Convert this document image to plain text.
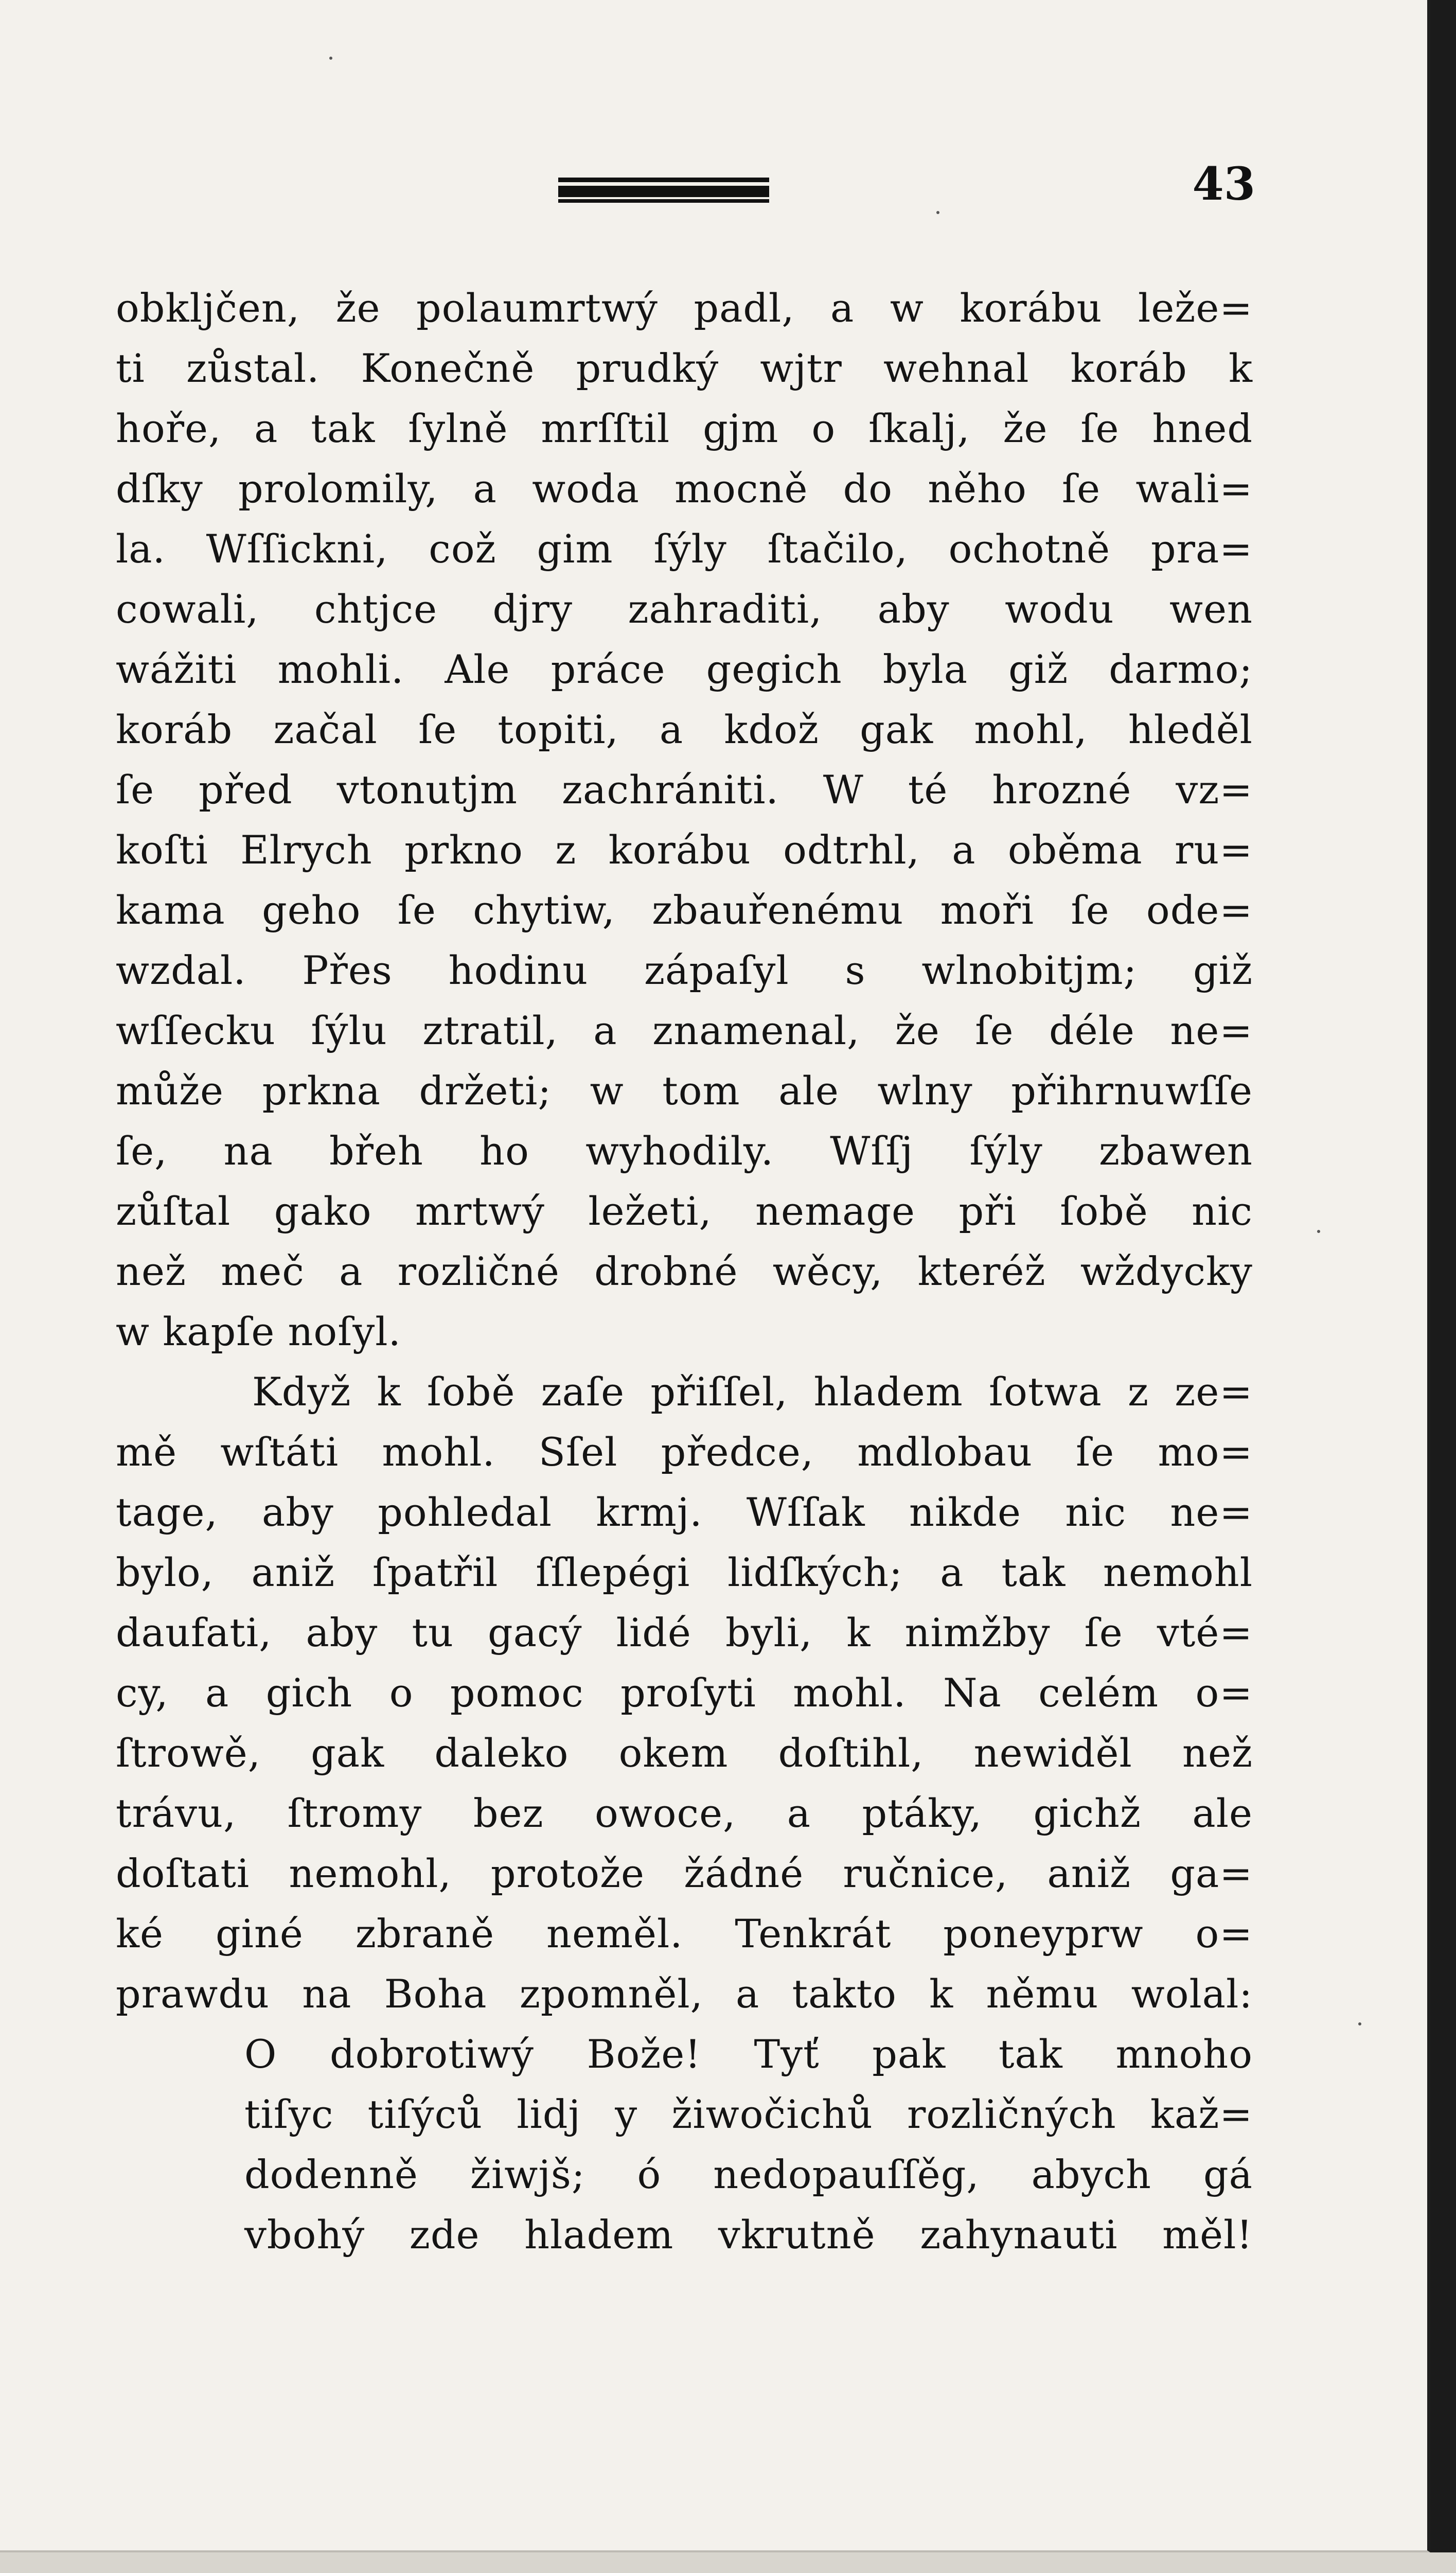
43
obkljčen, že polaumrtwý padl, a w korábu leže=
ti zůstal. Konečně prudký wjtr wehnal koráb k
hoře, a tak ſylně mrſſtil gjm o ſkalj, že ſe hned
dſky prolomily, a woda mocně do něho ſe wali=
la. Wſſickni, což gim ſýly ſtačilo, ochotně pra=
cowali, chtjce djry zahraditi, aby wodu wen
wážiti mohli. Ale práce gegich byla giž darmo;
koráb začal ſe topiti, a kdož gak mohl, hleděl
ſe před vtonutjm zachrániti. W té hrozné vz=
koſti Elrych prkno z korábu odtrhl, a oběma ru=
kama geho ſe chytiw, zbauřenému moři ſe ode=
wzdal. Přes hodinu zápaſyl s wlnobitjm; giž
wſſecku ſýlu ztratil, a znamenal, že ſe déle ne=
může prkna držeti; w tom ale wlny přihrnuwſſe
ſe, na břeh ho wyhodily. Wſſj ſýly zbawen
zůſtal gako mrtwý ležeti, nemage při ſobě nic
než meč a rozličné drobné wěcy, kteréž wždycky
w kapſe noſyl.
Když k ſobě zaſe přiſſel, hladem ſotwa z ze=
mě wſtáti mohl. Sſel předce, mdlobau ſe mo=
tage, aby pohledal krmj. Wſſak nikde nic ne=
bylo, aniž ſpatřil ſſlepégi lidſkých; a tak nemohl
daufati, aby tu gacý lidé byli, k nimžby ſe vté=
cy, a gich o pomoc proſyti mohl. Na celém o=
ſtrowě, gak daleko okem doſtihl, newiděl než
trávu, ſtromy bez owoce, a ptáky, gichž ale
doſtati nemohl, protože žádné ručnice, aniž ga=
ké giné zbraně neměl. Tenkrát poneyprw o=
prawdu na Boha zpomněl, a takto k němu wolal:
O dobrotiwý Bože! Tyť pak tak mnoho
tiſyc tiſýců lidj y žiwočichů rozličných kaž=
dodenně žiwjš; ó nedopauſſěg, abych gá
vbohý zde hladem vkrutně zahynauti měl!
